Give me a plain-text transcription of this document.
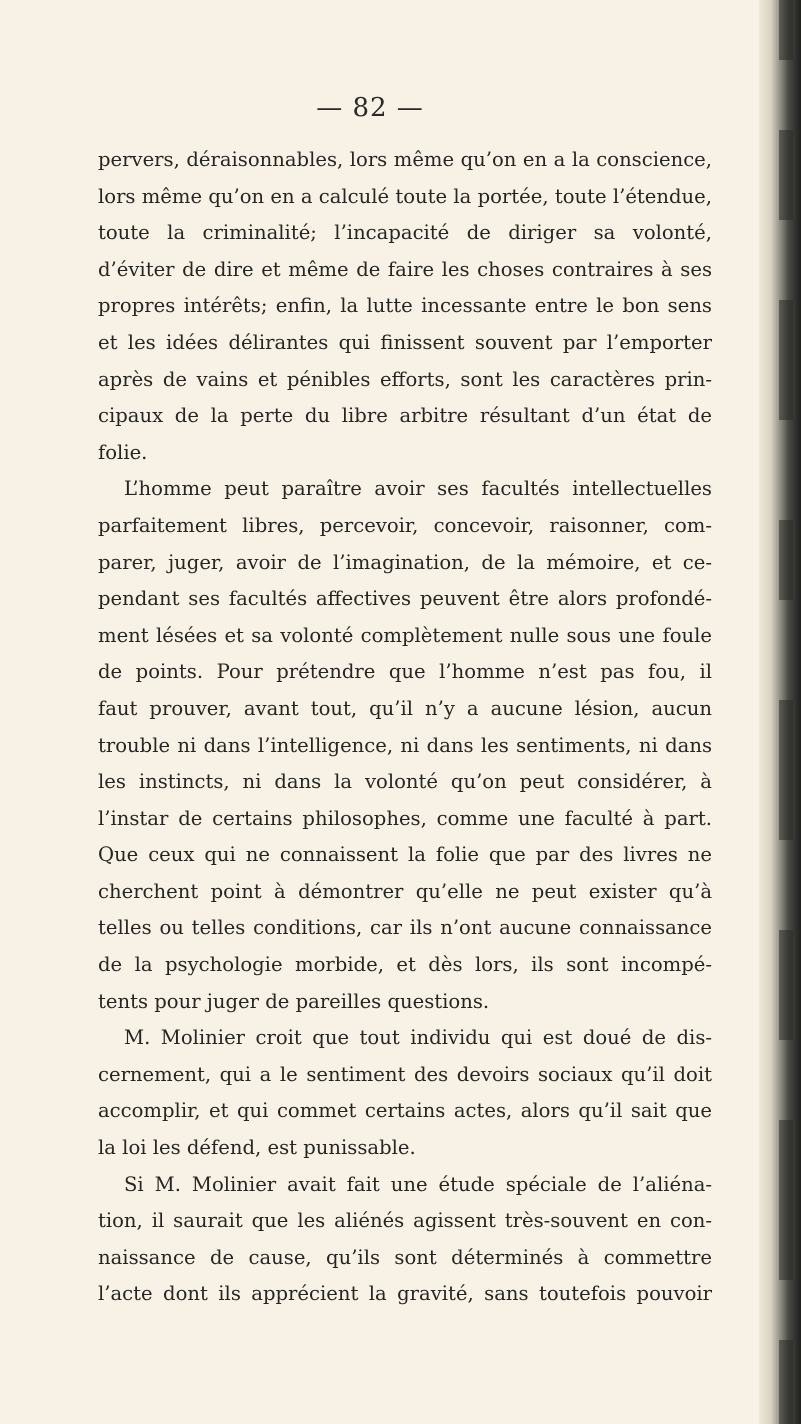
— 82 —
pervers, déraisonnables, lors même qu’on en a la conscience,
lors même qu’on en a calculé toute la portée, toute l’étendue,
toute la criminalité; l’incapacité de diriger sa volonté,
d’éviter de dire et même de faire les choses contraires à ses
propres intérêts; enfin, la lutte incessante entre le bon sens
et les idées délirantes qui finissent souvent par l’emporter
après de vains et pénibles efforts, sont les caractères prin-
cipaux de la perte du libre arbitre résultant d’un état de
folie.
L’homme peut paraître avoir ses facultés intellectuelles
parfaitement libres, percevoir, concevoir, raisonner, com-
parer, juger, avoir de l’imagination, de la mémoire, et ce-
pendant ses facultés affectives peuvent être alors profondé-
ment lésées et sa volonté complètement nulle sous une foule
de points. Pour prétendre que l’homme n’est pas fou, il
faut prouver, avant tout, qu’il n’y a aucune lésion, aucun
trouble ni dans l’intelligence, ni dans les sentiments, ni dans
les instincts, ni dans la volonté qu’on peut considérer, à
l’instar de certains philosophes, comme une faculté à part.
Que ceux qui ne connaissent la folie que par des livres ne
cherchent point à démontrer qu’elle ne peut exister qu’à
telles ou telles conditions, car ils n’ont aucune connaissance
de la psychologie morbide, et dès lors, ils sont incompé-
tents pour juger de pareilles questions.
M. Molinier croit que tout individu qui est doué de dis-
cernement, qui a le sentiment des devoirs sociaux qu’il doit
accomplir, et qui commet certains actes, alors qu’il sait que
la loi les défend, est punissable.
Si M. Molinier avait fait une étude spéciale de l’aliéna-
tion, il saurait que les aliénés agissent très-souvent en con-
naissance de cause, qu’ils sont déterminés à commettre
l’acte dont ils apprécient la gravité, sans toutefois pouvoir
